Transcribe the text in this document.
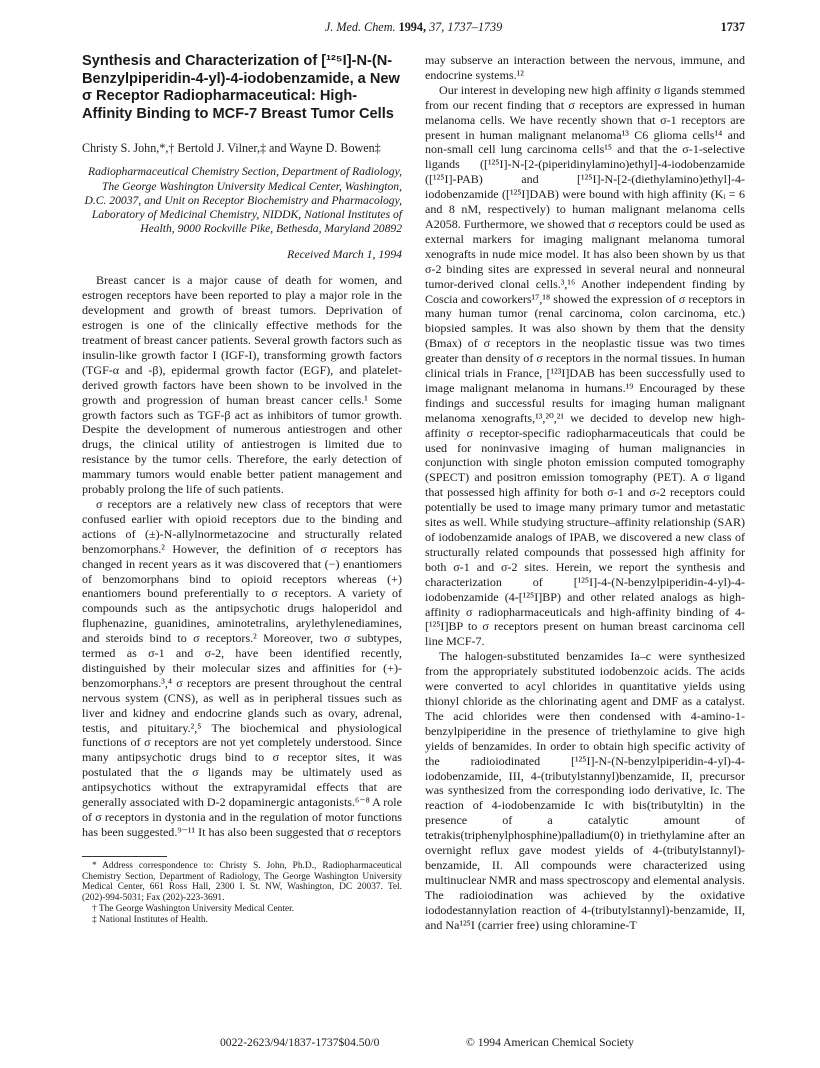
J. Med. Chem. 1994, 37, 1737–1739	1737
Synthesis and Characterization of [¹²⁵I]-N-(N-Benzylpiperidin-4-yl)-4-iodobenzamide, a New σ Receptor Radiopharmaceutical: High-Affinity Binding to MCF-7 Breast Tumor Cells
Christy S. John,*,† Bertold J. Vilner,‡ and Wayne D. Bowen‡
Radiopharmaceutical Chemistry Section, Department of Radiology, The George Washington University Medical Center, Washington, D.C. 20037, and Unit on Receptor Biochemistry and Pharmacology, Laboratory of Medicinal Chemistry, NIDDK, National Institutes of Health, 9000 Rockville Pike, Bethesda, Maryland 20892
Received March 1, 1994

Breast cancer is a major cause of death for women, and estrogen receptors have been reported to play a major role in the development and growth of breast tumors. Deprivation of estrogen is one of the clinically effective methods for the treatment of breast cancer patients. Several growth factors such as insulin-like growth factor I (IGF-I), transforming growth factors (TGF-α and -β), epidermal growth factor (EGF), and platelet-derived growth factors have been shown to be involved in the growth and progression of human breast cancer cells.¹ Some growth factors such as TGF-β act as inhibitors of tumor growth. Despite the development of numerous antiestrogen and other drugs, the clinical utility of antiestrogen is limited due to resistance by the tumor cells. Therefore, the early detection of mammary tumors would enable better patient management and probably prolong the life of such patients.

σ receptors are a relatively new class of receptors that were confused earlier with opioid receptors due to the binding and actions of (±)-N-allylnormetazocine and structurally related benzomorphans.² However, the definition of σ receptors has changed in recent years as it was discovered that (−) enantiomers of benzomorphans bind to opioid receptors whereas (+) enantiomers bound preferentially to σ receptors. A variety of compounds such as the antipsychotic drugs haloperidol and fluphenazine, guanidines, aminotetralins, arylethylenediamines, and steroids bind to σ receptors.² Moreover, two σ subtypes, termed as σ-1 and σ-2, have been identified recently, distinguished by their molecular sizes and affinities for (+)-benzomorphans.³,⁴ σ receptors are present throughout the central nervous system (CNS), as well as in peripheral tissues such as liver and kidney and endocrine glands such as ovary, adrenal, testis, and pituitary.²,⁵ The biochemical and physiological functions of σ receptors are not yet completely understood. Since many antipsychotic drugs bind to σ receptor sites, it was postulated that the σ ligands may be ultimately used as antipsychotics without the extrapyramidal effects that are generally associated with D-2 dopaminergic antagonists.⁶⁻⁸ A role of σ receptors in dystonia and in the regulation of motor functions has been suggested.⁹⁻¹¹ It has also been suggested that σ receptors

* Address correspondence to: Christy S. John, Ph.D., Radiopharmaceutical Chemistry Section, Department of Radiology, The George Washington University Medical Center, 661 Ross Hall, 2300 I. St. NW, Washington, DC 20037. Tel. (202)-994-5031; Fax (202)-223-3691.

† The George Washington University Medical Center.

‡ National Institutes of Health.

may subserve an interaction between the nervous, immune, and endocrine systems.¹²

Our interest in developing new high affinity σ ligands stemmed from our recent finding that σ receptors are expressed in human melanoma cells. We have recently shown that σ-1 receptors are present in human malignant melanoma¹³ C6 glioma cells¹⁴ and non-small cell lung carcinoma cells¹⁵ and that the σ-1-selective ligands ([¹²⁵I]-N-[2-(piperidinylamino)ethyl]-4-iodobenzamide ([¹²⁵I]-PAB) and [¹²⁵I]-N-[2-(diethylamino)ethyl]-4-iodobenzamide ([¹²⁵I]DAB) were bound with high affinity (Kᵢ = 6 and 8 nM, respectively) to human malignant melanoma cells A2058. Furthermore, we showed that σ receptors could be used as external markers for imaging malignant melanoma tumoral xenografts in nude mice model. It has also been shown by us that σ-2 binding sites are expressed in several neural and nonneural tumor-derived clonal cells.³,¹⁶ Another independent finding by Coscia and coworkers¹⁷,¹⁸ showed the expression of σ receptors in many human tumor (renal carcinoma, colon carcinoma, etc.) biopsied samples. It was also shown by them that the density (Bmax) of σ receptors in the neoplastic tissue was two times greater than density of σ receptors in the normal tissues. In human clinical trials in France, [¹²³I]DAB has been successfully used to image malignant melanoma in humans.¹⁹ Encouraged by these findings and successful results for imaging human malignant melanoma xenografts,¹³,²⁰,²¹ we decided to develop new high-affinity σ receptor-specific radiopharmaceuticals that could be used for noninvasive imaging of human malignancies in conjunction with single photon emission computed tomography (SPECT) and positron emission tomography (PET). A σ ligand that possessed high affinity for both σ-1 and σ-2 receptors could potentially be used to image many primary tumor and metastatic sites as well. While studying structure–affinity relationship (SAR) of iodobenzamide analogs of IPAB, we discovered a new class of structurally related compounds that possessed high affinity for both σ-1 and σ-2 sites. Herein, we report the synthesis and characterization of [¹²⁵I]-4-(N-benzylpiperidin-4-yl)-4-iodobenzamide (4-[¹²⁵I]BP) and other related analogs as high-affinity σ radiopharmaceuticals and high-affinity binding of 4-[¹²⁵I]BP to σ receptors present on human breast carcinoma cell line MCF-7.

The halogen-substituted benzamides Ia–c were synthesized from the appropriately substituted iodobenzoic acids. The acids were converted to acyl chlorides in quantitative yields using thionyl chloride as the chlorinating agent and DMF as a catalyst. The acid chlorides were then condensed with 4-amino-1-benzylpiperidine in the presence of triethylamine to give high yields of benzamides. In order to obtain high specific activity of the radioiodinated [¹²⁵I]-N-(N-benzylpiperidin-4-yl)-4-iodobenzamide, III, 4-(tributylstannyl)benzamide, II, precursor was synthesized from the corresponding iodo derivative, Ic. The reaction of 4-iodobenzamide Ic with bis(tributyltin) in the presence of a catalytic amount of tetrakis(triphenylphosphine)palladium(0) in triethylamine after an overnight reflux gave modest yields of 4-(tributylstannyl)-benzamide, II. All compounds were characterized using multinuclear NMR and mass spectroscopy and elemental analysis. The radioiodination was achieved by the oxidative iododestannylation reaction of 4-(tributylstannyl)-benzamide, II, and Na¹²⁵I (carrier free) using chloramine-T

0022-2623/94/1837-1737$04.50/0	© 1994 American Chemical Society
